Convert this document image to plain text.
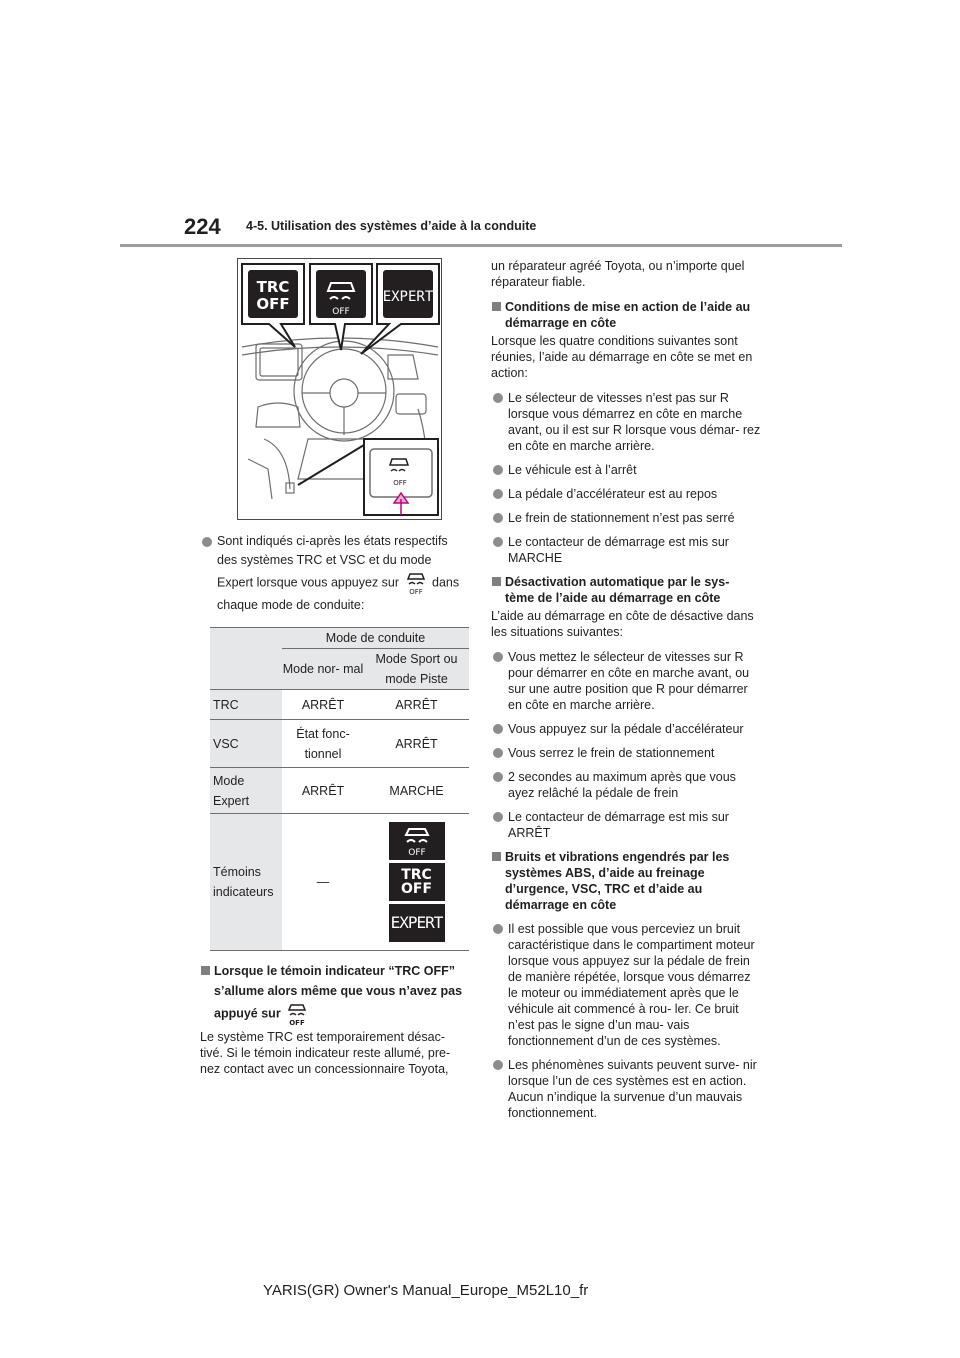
224 4-5. Utilisation des systèmes d’aide à la conduite
TRC
OFF	OFF
EXPERT
OFF
Sont indiqués ci-après les états respectifs des systèmes TRC et VSC et du mode Expert lorsque vous appuyez sur
OFF
dans chaque mode de conduite:
	Mode de conduite	
	Mode nor- mal	Mode Sport ou mode Piste
TRC	ARRÊT	ARRÊT
VSC	État fonc- tionnel	ARRÊT
Mode Expert	ARRÊT	MARCHE
Témoins indicateurs	—	OFF
TRC
OFF
EXPERT
Lorsque le témoin indicateur “TRC OFF” s’allume alors même que vous n’avez pas appuyé sur
OFF
Le système TRC est temporairement désac- tivé. Si le témoin indicateur reste allumé, pre- nez contact avec un concessionnaire Toyota,
un réparateur agréé Toyota, ou n’importe quel réparateur fiable.
Conditions de mise en action de l’aide au démarrage en côte
Lorsque les quatre conditions suivantes sont réunies, l’aide au démarrage en côte se met en action:
Le sélecteur de vitesses n’est pas sur R lorsque vous démarrez en côte en marche avant, ou il est sur R lorsque vous démar- rez en côte en marche arrière.
Le véhicule est à l’arrêt
La pédale d’accélérateur est au repos
Le frein de stationnement n’est pas serré
Le contacteur de démarrage est mis sur MARCHE
Désactivation automatique par le sys- tème de l’aide au démarrage en côte
L’aide au démarrage en côte de désactive dans les situations suivantes:
Vous mettez le sélecteur de vitesses sur R pour démarrer en côte en marche avant, ou sur une autre position que R pour démarrer en côte en marche arrière.
Vous appuyez sur la pédale d’accélérateur
Vous serrez le frein de stationnement
2 secondes au maximum après que vous ayez relâché la pédale de frein
Le contacteur de démarrage est mis sur ARRÊT
Bruits et vibrations engendrés par les systèmes ABS, d’aide au freinage d’urgence, VSC, TRC et d’aide au démarrage en côte
Il est possible que vous perceviez un bruit caractéristique dans le compartiment moteur lorsque vous appuyez sur la pédale de frein de manière répétée, lorsque vous démarrez le moteur ou immédiatement après que le véhicule ait commencé à rou- ler. Ce bruit n’est pas le signe d’un mau- vais fonctionnement d’un de ces systèmes.
Les phénomènes suivants peuvent surve- nir lorsque l’un de ces systèmes est en action. Aucun n’indique la survenue d’un mauvais fonctionnement.
YARIS(GR) Owner's Manual_Europe_M52L10_fr
